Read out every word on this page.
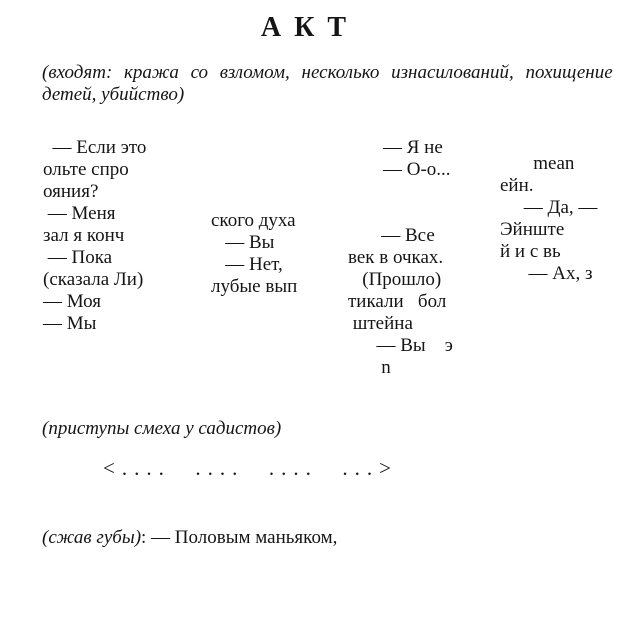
А К Т
(входят: кража со взломом, несколько изнасилований, похищение
детей, убийство)
— Если это
ольте спро
ояния?
— Меня
зал я конч
— Пока
(сказала Ли)
— Моя
— Мы
ского духа
— Вы
— Нет,
лубые вып
— Я не
— О-о...
— Все
век в очках.
(Прошло)
тикали   бол
штейна
— Вы    э
n
mean
ейн.
— Да, —
Эйнште
й и с вь
— Ах, з
(приступы смеха у садистов)
<....  ....  ....  ...>
(сжав губы): — Половым маньяком,
